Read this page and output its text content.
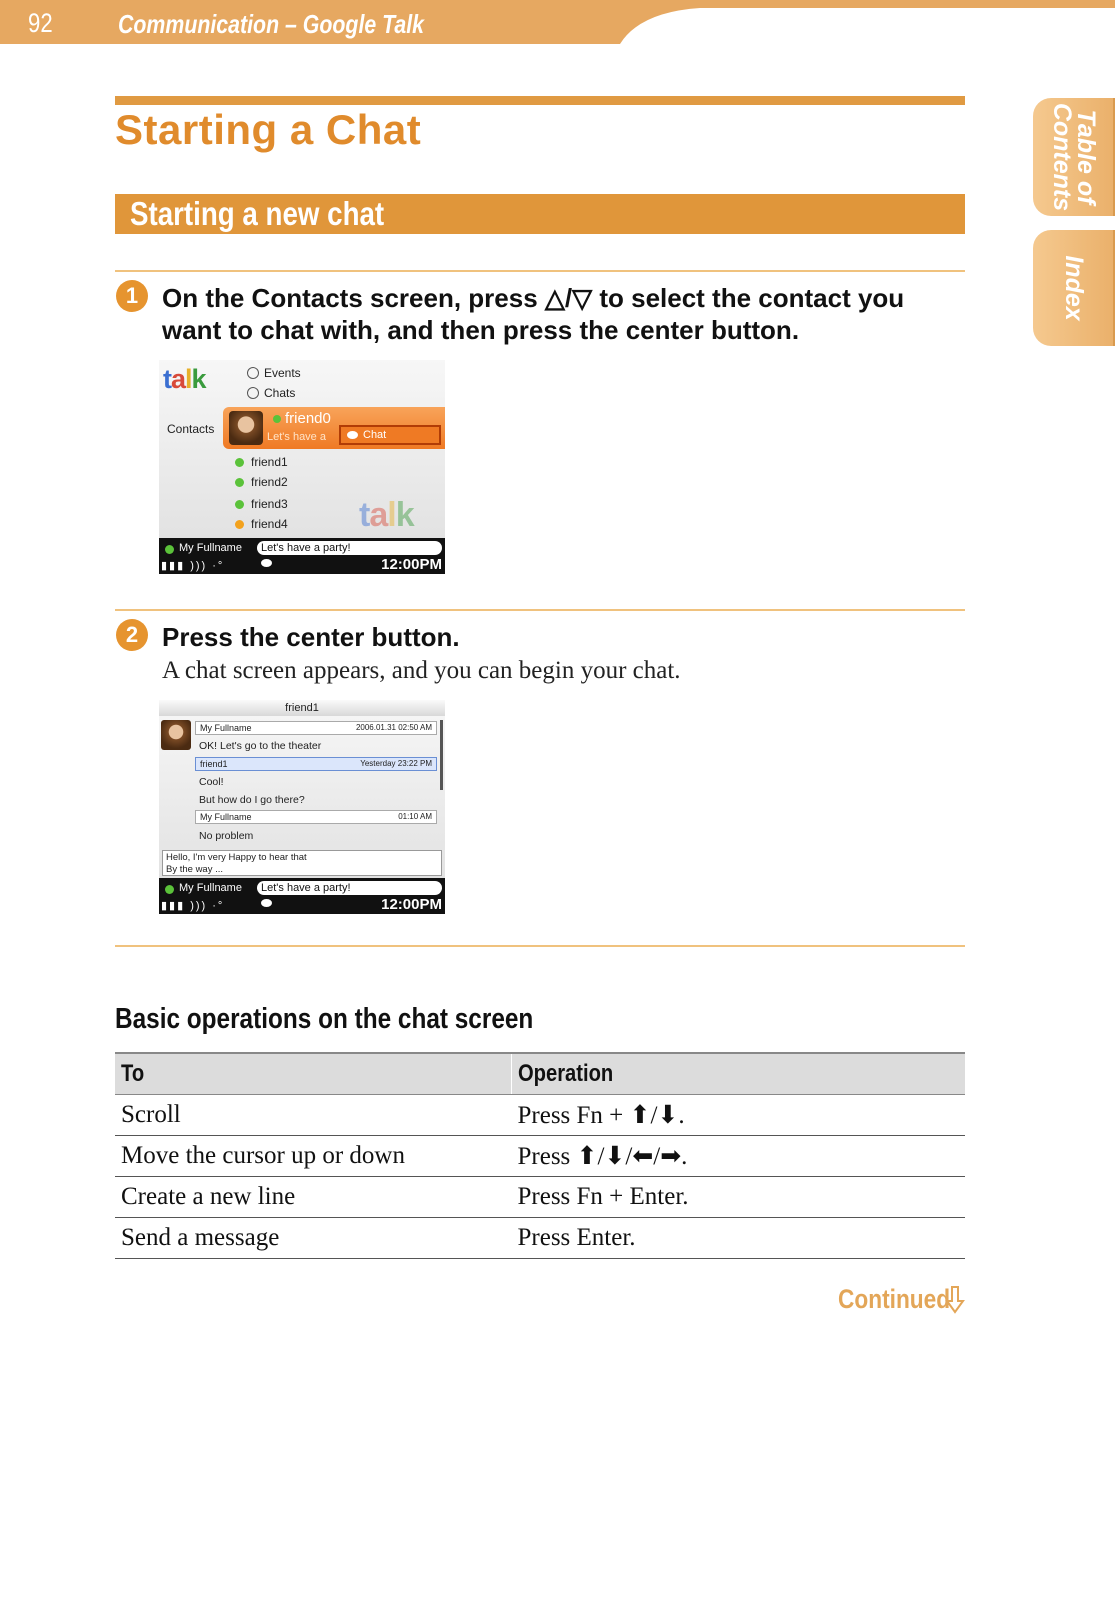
92	Communication – Google Talk
Table of Contents
Index
Starting a Chat
Starting a new chat
1 On the Contacts screen, press △/▽ to select the contact you want to chat with, and then press the center button.
talk	Events
Chats
Contacts
friend0
Let's have a	Chat
friend1
friend2
friend3
friend4 talk
My Fullname	Let's have a party!
▮▮▮ ))) ·°	12:00PM
2 Press the center button.
A chat screen appears, and you can begin your chat.
friend1
My Fullname	2006.01.31 02:50 AM
OK! Let's go to the theater
friend1	Yesterday 23:22 PM
Cool!
But how do I go there?
My Fullname	01:10 AM
No problem
Hello, I'm very Happy to hear that
By the way ...
My Fullname	Let's have a party!
▮▮▮ ))) ·°	12:00PM
Basic operations on the chat screen
To	Operation
Scroll	Press Fn + ⬆/⬇.
Move the cursor up or down	Press ⬆/⬇/⬅/➡.
Create a new line	Press Fn + Enter.
Send a message	Press Enter.
Continued
